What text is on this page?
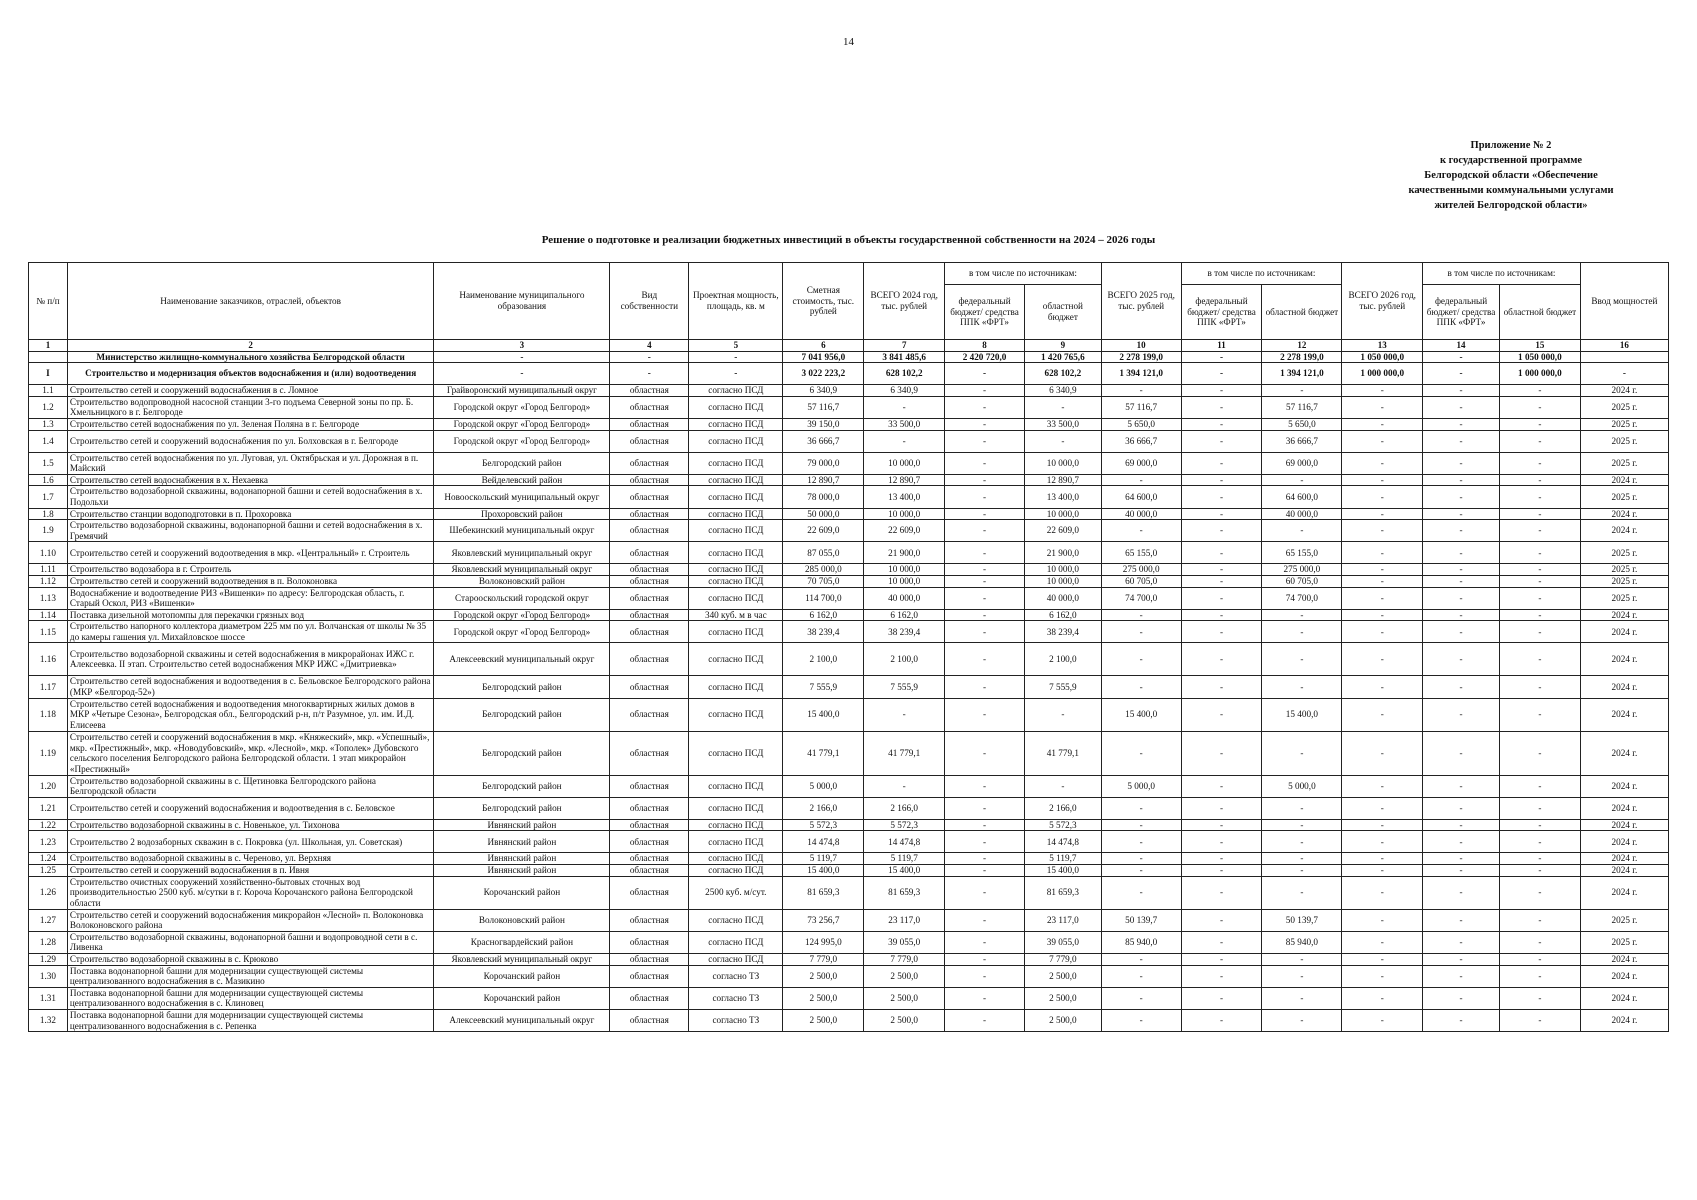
14
Приложение № 2
к государственной программе
Белгородской области «Обеспечение
качественными коммунальными услугами
жителей Белгородской области»
Решение о подготовке и реализации бюджетных инвестиций в объекты государственной собственности на 2024 – 2026 годы
№ п/п	Наименование заказчиков, отраслей, объектов	Наименование муниципального образования	Вид собственности	Проектная мощность, площадь, кв. м	Сметная стоимость, тыс. рублей	ВСЕГО 2024 год, тыс. рублей	в том числе по источникам:		ВСЕГО 2025 год, тыс. рублей	в том числе по источникам:		ВСЕГО 2026 год, тыс. рублей	в том числе по источникам:		Ввод мощностей
							федеральный бюджет/ средства ППК «ФРТ»	областной бюджет		федеральный бюджет/ средства ППК «ФРТ»	областной бюджет		федеральный бюджет/ средства ППК «ФРТ»	областной бюджет	
1	2	3	4	5	6	7	8	9	10	11	12	13	14	15	16
	Министерство жилищно-коммунального хозяйства Белгородской области	-	-	-	7 041 956,0	3 841 485,6	2 420 720,0	1 420 765,6	2 278 199,0	-	2 278 199,0	1 050 000,0	-	1 050 000,0	
I	Строительство и модернизация объектов водоснабжения и (или) водоотведения	-	-	-	3 022 223,2	628 102,2	-	628 102,2	1 394 121,0	-	1 394 121,0	1 000 000,0	-	1 000 000,0	-
1.1	Строительство сетей и сооружений водоснабжения в с. Ломное	Грайворонский муниципальный округ	областная	согласно ПСД	6 340,9	6 340,9	-	6 340,9	-	-	-	-	-	-	2024 г.
1.2	Строительство водопроводной насосной станции 3-го подъема Северной зоны по пр. Б. Хмельницкого в г. Белгороде	Городской округ «Город Белгород»	областная	согласно ПСД	57 116,7	-	-	-	57 116,7	-	57 116,7	-	-	-	2025 г.
1.3	Строительство сетей водоснабжения по ул. Зеленая Поляна в г. Белгороде	Городской округ «Город Белгород»	областная	согласно ПСД	39 150,0	33 500,0	-	33 500,0	5 650,0	-	5 650,0	-	-	-	2025 г.
1.4	Строительство сетей и сооружений водоснабжения по ул. Болховская в г. Белгороде	Городской округ «Город Белгород»	областная	согласно ПСД	36 666,7	-	-	-	36 666,7	-	36 666,7	-	-	-	2025 г.
1.5	Строительство сетей водоснабжения по ул. Луговая, ул. Октябрьская и ул. Дорожная в п. Майский	Белгородский район	областная	согласно ПСД	79 000,0	10 000,0	-	10 000,0	69 000,0	-	69 000,0	-	-	-	2025 г.
1.6	Строительство сетей водоснабжения в х. Нехаевка	Вейделевский район	областная	согласно ПСД	12 890,7	12 890,7	-	12 890,7	-	-	-	-	-	-	2024 г.
1.7	Строительство водозаборной скважины, водонапорной башни и сетей водоснабжения в х. Подольхи	Новооскольский муниципальный округ	областная	согласно ПСД	78 000,0	13 400,0	-	13 400,0	64 600,0	-	64 600,0	-	-	-	2025 г.
1.8	Строительство станции водоподготовки в п. Прохоровка	Прохоровский район	областная	согласно ПСД	50 000,0	10 000,0	-	10 000,0	40 000,0	-	40 000,0	-	-	-	2024 г.
1.9	Строительство водозаборной скважины, водонапорной башни и сетей водоснабжения в х. Гремячий	Шебекинский муниципальный округ	областная	согласно ПСД	22 609,0	22 609,0	-	22 609,0	-	-	-	-	-	-	2024 г.
1.10	Строительство сетей и сооружений водоотведения в мкр. «Центральный» г. Строитель	Яковлевский муниципальный округ	областная	согласно ПСД	87 055,0	21 900,0	-	21 900,0	65 155,0	-	65 155,0	-	-	-	2025 г.
1.11	Строительство водозабора в г. Строитель	Яковлевский муниципальный округ	областная	согласно ПСД	285 000,0	10 000,0	-	10 000,0	275 000,0	-	275 000,0	-	-	-	2025 г.
1.12	Строительство сетей и сооружений водоотведения в п. Волоконовка	Волоконовский район	областная	согласно ПСД	70 705,0	10 000,0	-	10 000,0	60 705,0	-	60 705,0	-	-	-	2025 г.
1.13	Водоснабжение и водоотведение РИЗ «Вишенки» по адресу: Белгородская область, г. Старый Оскол, РИЗ «Вишенки»	Старооскольский городской округ	областная	согласно ПСД	114 700,0	40 000,0	-	40 000,0	74 700,0	-	74 700,0	-	-	-	2025 г.
1.14	Поставка дизельной мотопомпы для перекачки грязных вод	Городской округ «Город Белгород»	областная	340 куб. м в час	6 162,0	6 162,0	-	6 162,0	-	-	-	-	-	-	2024 г.
1.15	Строительство напорного коллектора диаметром 225 мм по ул. Волчанская от школы № 35 до камеры гашения ул. Михайловское шоссе	Городской округ «Город Белгород»	областная	согласно ПСД	38 239,4	38 239,4	-	38 239,4	-	-	-	-	-	-	2024 г.
1.16	Строительство водозаборной скважины и сетей водоснабжения в микрорайонах ИЖС г. Алексеевка. II этап. Строительство сетей водоснабжения МКР ИЖС «Дмитриевка»	Алексеевский муниципальный округ	областная	согласно ПСД	2 100,0	2 100,0	-	2 100,0	-	-	-	-	-	-	2024 г.
1.17	Строительство сетей водоснабжения и водоотведения в с. Бельовское Белгородского района (МКР «Белгород-52»)	Белгородский район	областная	согласно ПСД	7 555,9	7 555,9	-	7 555,9	-	-	-	-	-	-	2024 г.
1.18	Строительство сетей водоснабжения и водоотведения многоквартирных жилых домов в МКР «Четыре Сезона», Белгородская обл., Белгородский р-н, п/т Разумное, ул. им. И.Д. Елисеева	Белгородский район	областная	согласно ПСД	15 400,0	-	-	-	15 400,0	-	15 400,0	-	-	-	2024 г.
1.19	Строительство сетей и сооружений водоснабжения в мкр. «Княжеский», мкр. «Успешный», мкр. «Престижный», мкр. «Новодубовский», мкр. «Лесной», мкр. «Тополек» Дубовского сельского поселения Белгородского района Белгородской области. 1 этап микрорайон «Престижный»	Белгородский район	областная	согласно ПСД	41 779,1	41 779,1	-	41 779,1	-	-	-	-	-	-	2024 г.
1.20	Строительство водозаборной скважины в с. Щетиновка Белгородского района Белгородской области	Белгородский район	областная	согласно ПСД	5 000,0	-	-	-	5 000,0	-	5 000,0	-	-	-	2024 г.
1.21	Строительство сетей и сооружений водоснабжения и водоотведения в с. Беловское	Белгородский район	областная	согласно ПСД	2 166,0	2 166,0	-	2 166,0	-	-	-	-	-	-	2024 г.
1.22	Строительство водозаборной скважины в с. Новенькое, ул. Тихонова	Ивнянский район	областная	согласно ПСД	5 572,3	5 572,3	-	5 572,3	-	-	-	-	-	-	2024 г.
1.23	Строительство 2 водозаборных скважин в с. Покровка (ул. Школьная, ул. Советская)	Ивнянский район	областная	согласно ПСД	14 474,8	14 474,8	-	14 474,8	-	-	-	-	-	-	2024 г.
1.24	Строительство водозаборной скважины в с. Череново, ул. Верхняя	Ивнянский район	областная	согласно ПСД	5 119,7	5 119,7	-	5 119,7	-	-	-	-	-	-	2024 г.
1.25	Строительство сетей и сооружений водоснабжения в п. Ивня	Ивнянский район	областная	согласно ПСД	15 400,0	15 400,0	-	15 400,0	-	-	-	-	-	-	2024 г.
1.26	Строительство очистных сооружений хозяйственно-бытовых сточных вод производительностью 2500 куб. м/сутки в г. Короча Корочанского района Белгородской области	Корочанский район	областная	2500 куб. м/сут.	81 659,3	81 659,3	-	81 659,3	-	-	-	-	-	-	2024 г.
1.27	Строительство сетей и сооружений водоснабжения микрорайон «Лесной» п. Волоконовка Волоконовского района	Волоконовский район	областная	согласно ПСД	73 256,7	23 117,0	-	23 117,0	50 139,7	-	50 139,7	-	-	-	2025 г.
1.28	Строительство водозаборной скважины, водонапорной башни и водопроводной сети в с. Ливенка	Красногвардейский район	областная	согласно ПСД	124 995,0	39 055,0	-	39 055,0	85 940,0	-	85 940,0	-	-	-	2025 г.
1.29	Строительство водозаборной скважины в с. Крюково	Яковлевский муниципальный округ	областная	согласно ПСД	7 779,0	7 779,0	-	7 779,0	-	-	-	-	-	-	2024 г.
1.30	Поставка водонапорной башни для модернизации существующей системы централизованного водоснабжения в с. Мазикино	Корочанский район	областная	согласно ТЗ	2 500,0	2 500,0	-	2 500,0	-	-	-	-	-	-	2024 г.
1.31	Поставка водонапорной башни для модернизации существующей системы централизованного водоснабжения в с. Клиновец	Корочанский район	областная	согласно ТЗ	2 500,0	2 500,0	-	2 500,0	-	-	-	-	-	-	2024 г.
1.32	Поставка водонапорной башни для модернизации существующей системы централизованного водоснабжения в с. Репенка	Алексеевский муниципальный округ	областная	согласно ТЗ	2 500,0	2 500,0	-	2 500,0	-	-	-	-	-	-	2024 г.
